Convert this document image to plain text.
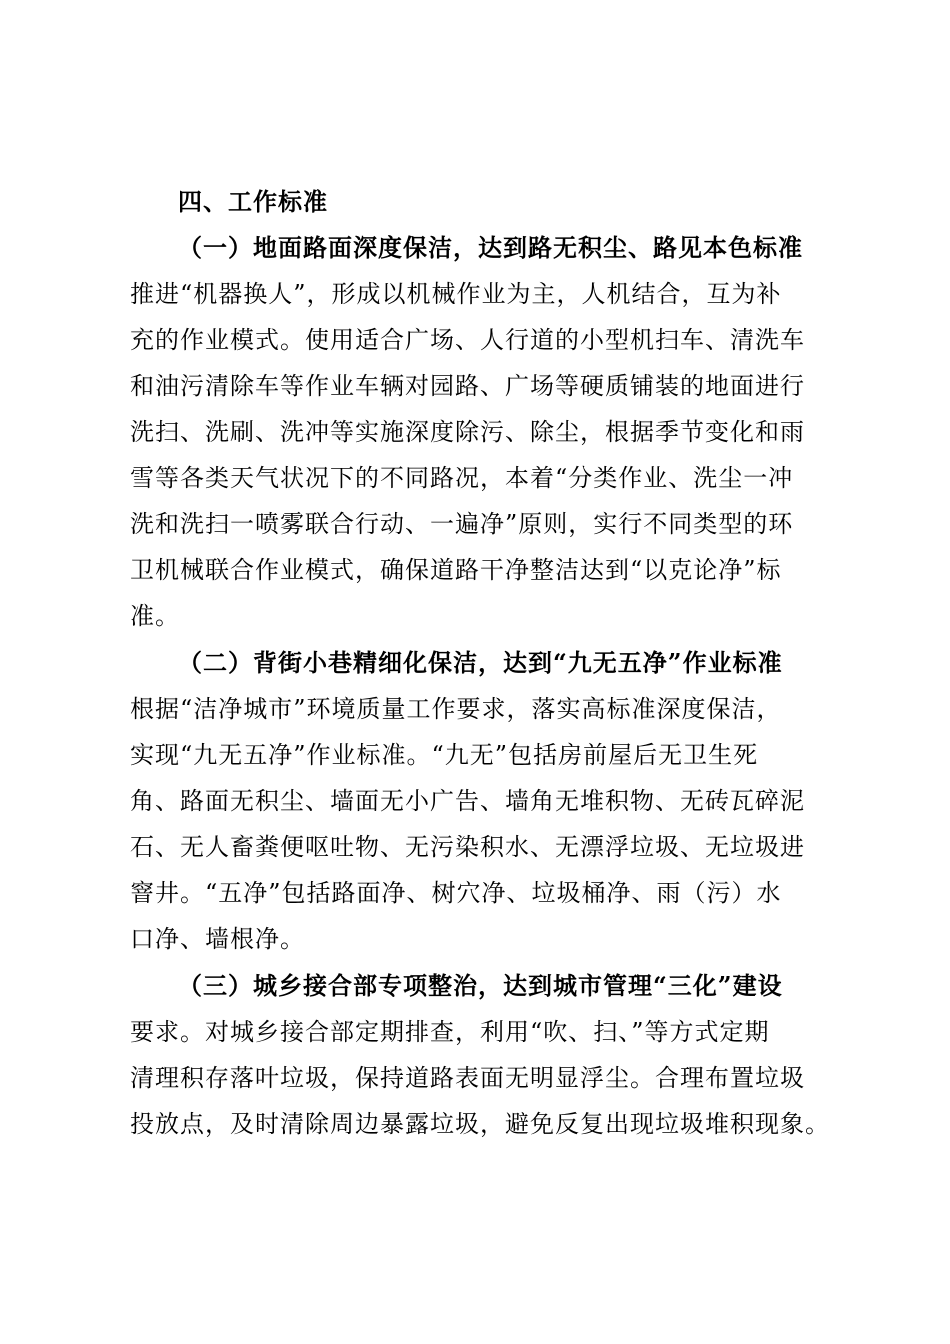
四、工作标准
（一）地面路面深度保洁，达到路无积尘、路见本色标准
推进“机器换人”，形成以机械作业为主，人机结合，互为补
充的作业模式。使用适合广场、人行道的小型机扫车、清洗车
和油污清除车等作业车辆对园路、广场等硬质铺装的地面进行
洗扫、洗刷、洗冲等实施深度除污、除尘，根据季节变化和雨
雪等各类天气状况下的不同路况，本着“分类作业、洗尘一冲
洗和洗扫一喷雾联合行动、一遍净”原则，实行不同类型的环
卫机械联合作业模式，确保道路干净整洁达到“以克论净”标
准。
（二）背街小巷精细化保洁，达到“九无五净”作业标准
根据“洁净城市”环境质量工作要求，落实高标准深度保洁，
实现“九无五净”作业标准。“九无”包括房前屋后无卫生死
角、路面无积尘、墙面无小广告、墙角无堆积物、无砖瓦碎泥
石、无人畜粪便呕吐物、无污染积水、无漂浮垃圾、无垃圾进
窨井。“五净”包括路面净、树穴净、垃圾桶净、雨（污）水
口净、墙根净。
（三）城乡接合部专项整治，达到城市管理“三化”建设
要求。对城乡接合部定期排查，利用“吹、扫、”等方式定期
清理积存落叶垃圾，保持道路表面无明显浮尘。合理布置垃圾
投放点，及时清除周边暴露垃圾，避免反复出现垃圾堆积现象。
